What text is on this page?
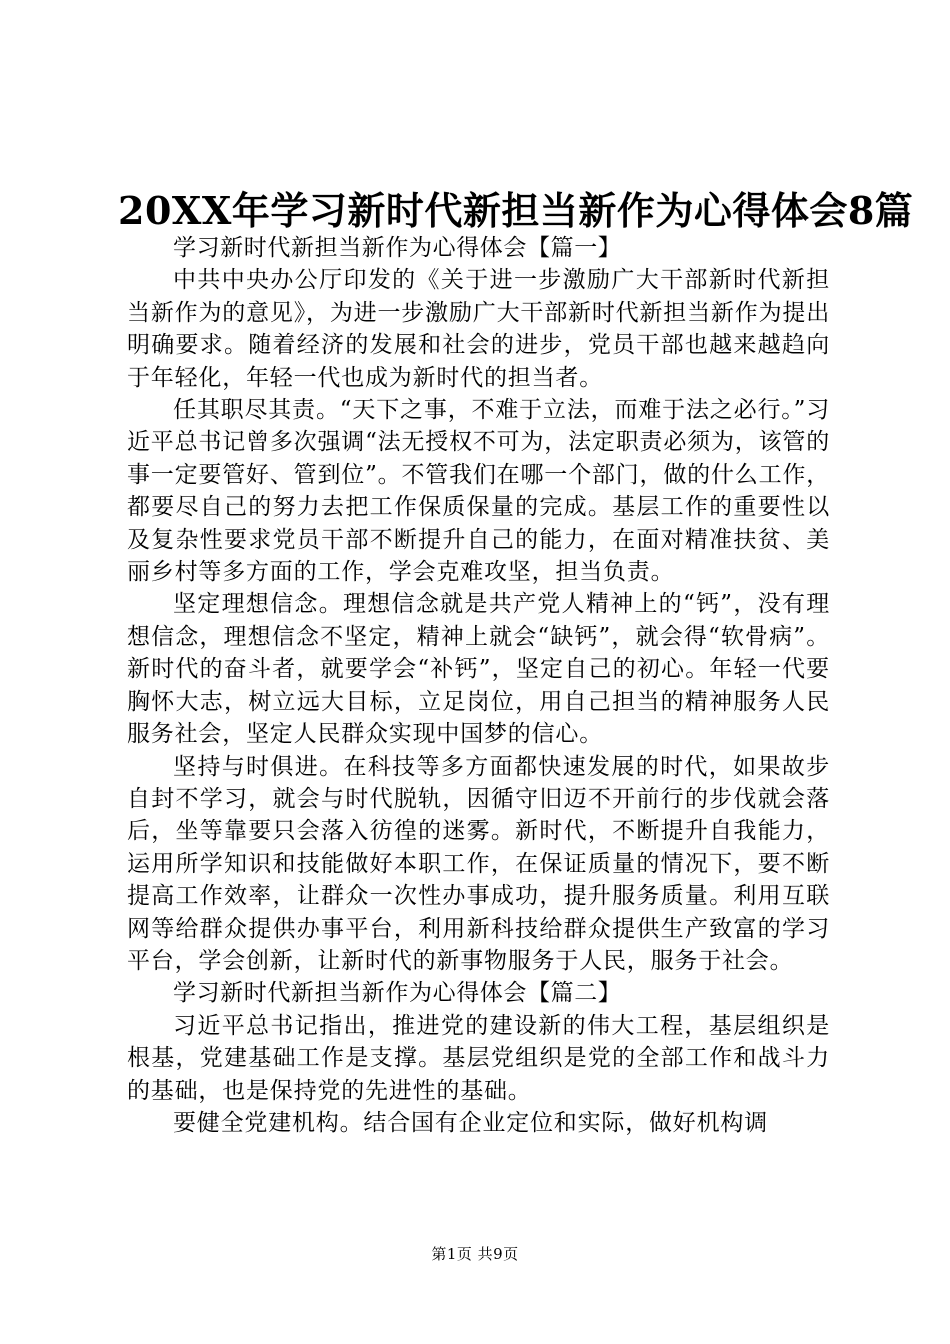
20XX年学习新时代新担当新作为心得体会8篇

学习新时代新担当新作为心得体会【篇一】

中共中央办公厅印发的《关于进一步激励广大干部新时代新担当新作为的意见》，为进一步激励广大干部新时代新担当新作为提出明确要求。随着经济的发展和社会的进步，党员干部也越来越趋向于年轻化，年轻一代也成为新时代的担当者。

任其职尽其责。“天下之事，不难于立法，而难于法之必行。”习近平总书记曾多次强调“法无授权不可为，法定职责必须为，该管的事一定要管好、管到位”。不管我们在哪一个部门，做的什么工作，都要尽自己的努力去把工作保质保量的完成。基层工作的重要性以及复杂性要求党员干部不断提升自己的能力，在面对精准扶贫、美丽乡村等多方面的工作，学会克难攻坚，担当负责。

坚定理想信念。理想信念就是共产党人精神上的“钙”，没有理想信念，理想信念不坚定，精神上就会“缺钙”，就会得“软骨病”。新时代的奋斗者，就要学会“补钙”，坚定自己的初心。年轻一代要胸怀大志，树立远大目标，立足岗位，用自己担当的精神服务人民服务社会，坚定人民群众实现中国梦的信心。

坚持与时俱进。在科技等多方面都快速发展的时代，如果故步自封不学习，就会与时代脱轨，因循守旧迈不开前行的步伐就会落后，坐等靠要只会落入彷徨的迷雾。新时代，不断提升自我能力，运用所学知识和技能做好本职工作，在保证质量的情况下，要不断提高工作效率，让群众一次性办事成功，提升服务质量。利用互联网等给群众提供办事平台，利用新科技给群众提供生产致富的学习平台，学会创新，让新时代的新事物服务于人民，服务于社会。

学习新时代新担当新作为心得体会【篇二】

习近平总书记指出，推进党的建设新的伟大工程，基层组织是根基，党建基础工作是支撑。基层党组织是党的全部工作和战斗力的基础，也是保持党的先进性的基础。

要健全党建机构。结合国有企业定位和实际，做好机构调

第1页 共9页
